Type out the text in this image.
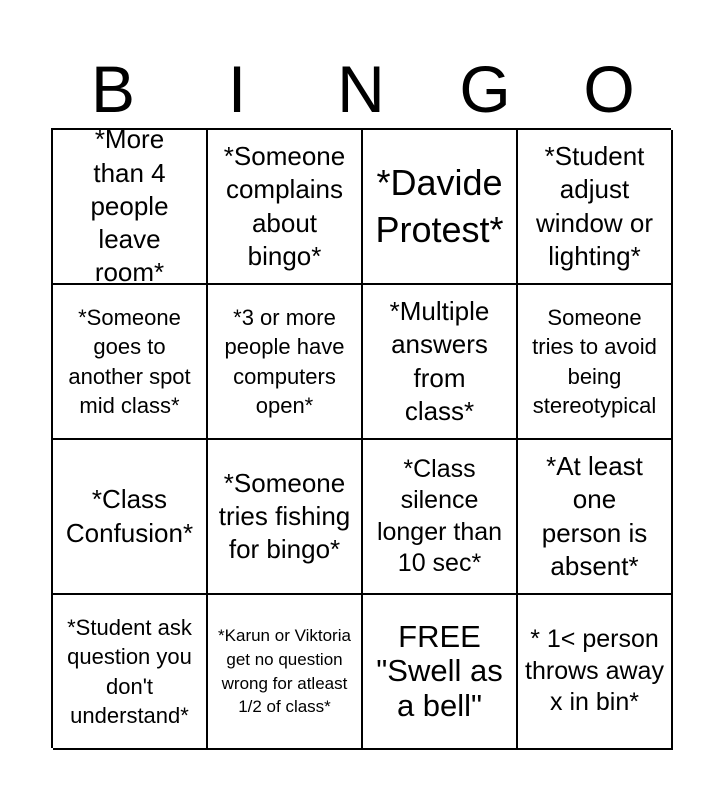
B	I	N	G	O
*More than 4 people leave room*
*Someone complains about bingo*
*Davide Protest*
*Student adjust window or lighting*
*Someone goes to another spot mid class*
*3 or more people have computers open*
*Multiple answers from class*
Someone tries to avoid being stereotypical
*Class Confusion*
*Someone tries fishing for bingo*
*Class silence longer than 10 sec*
*At least one person is absent*
*Student ask question you don't understand*
*Karun or Viktoria get no question wrong for atleast 1/2 of class*
FREE "Swell as a bell"
* 1< person throws away x in bin*
